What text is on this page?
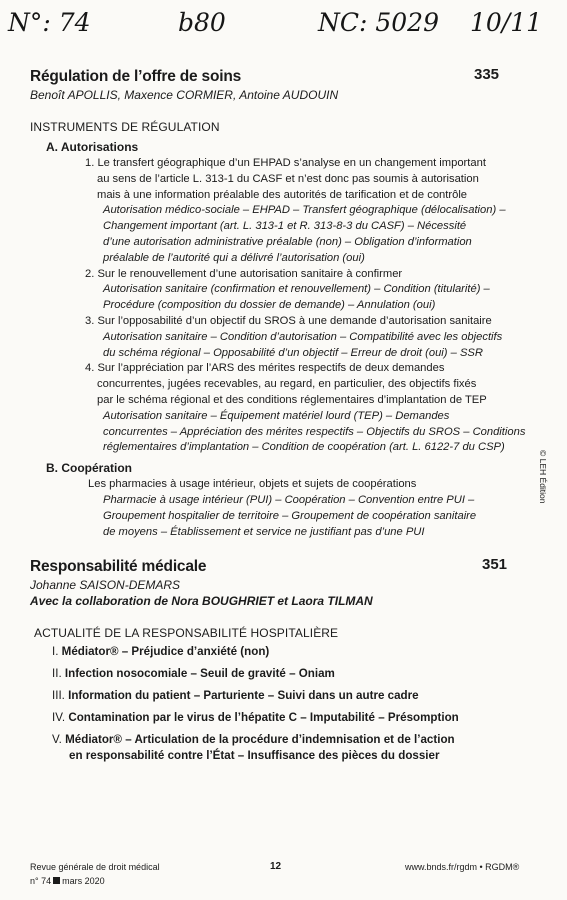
N°: 74	b80	NC: 5029 10/11
Régulation de l’offre de soins	335
Benoît APOLLIS, Maxence CORMIER, Antoine AUDOUIN
INSTRUMENTS DE RÉGULATION
A. Autorisations
1. Le transfert géographique d’un EHPAD s’analyse en un changement important
au sens de l’article L. 313-1 du CASF et n’est donc pas soumis à autorisation
mais à une information préalable des autorités de tarification et de contrôle
Autorisation médico-sociale – EHPAD – Transfert géographique (délocalisation) –
Changement important (art. L. 313-1 et R. 313-8-3 du CASF) – Nécessité
d’une autorisation administrative préalable (non) – Obligation d’information
préalable de l’autorité qui a délivré l’autorisation (oui)
2. Sur le renouvellement d’une autorisation sanitaire à confirmer
Autorisation sanitaire (confirmation et renouvellement) – Condition (titularité) –
Procédure (composition du dossier de demande) – Annulation (oui)
3. Sur l’opposabilité d’un objectif du SROS à une demande d’autorisation sanitaire
Autorisation sanitaire – Condition d’autorisation – Compatibilité avec les objectifs
du schéma régional – Opposabilité d’un objectif – Erreur de droit (oui) – SSR
4. Sur l’appréciation par l’ARS des mérites respectifs de deux demandes
concurrentes, jugées recevables, au regard, en particulier, des objectifs fixés
par le schéma régional et des conditions réglementaires d’implantation de TEP
Autorisation sanitaire – Équipement matériel lourd (TEP) – Demandes
concurrentes – Appréciation des mérites respectifs – Objectifs du SROS – Conditions
réglementaires d’implantation – Condition de coopération (art. L. 6122-7 du CSP)
B. Coopération
Les pharmacies à usage intérieur, objets et sujets de coopérations
Pharmacie à usage intérieur (PUI) – Coopération – Convention entre PUI –
Groupement hospitalier de territoire – Groupement de coopération sanitaire
de moyens – Établissement et service ne justifiant pas d’une PUI
Responsabilité médicale	351
Johanne SAISON-DEMARS
Avec la collaboration de Nora BOUGHRIET et Laora TILMAN
ACTUALITÉ DE LA RESPONSABILITÉ HOSPITALIÈRE
I. Médiator® – Préjudice d’anxiété (non)
II. Infection nosocomiale – Seuil de gravité – Oniam
III. Information du patient – Parturiente – Suivi dans un autre cadre
IV. Contamination par le virus de l’hépatite C – Imputabilité – Présomption
V. Médiator® – Articulation de la procédure d’indemnisation et de l’action
en responsabilité contre l’État – Insuffisance des pièces du dossier
© LEH Édition
Revue générale de droit médical
n° 74 mars 2020
12	www.bnds.fr/rgdm • RGDM®
